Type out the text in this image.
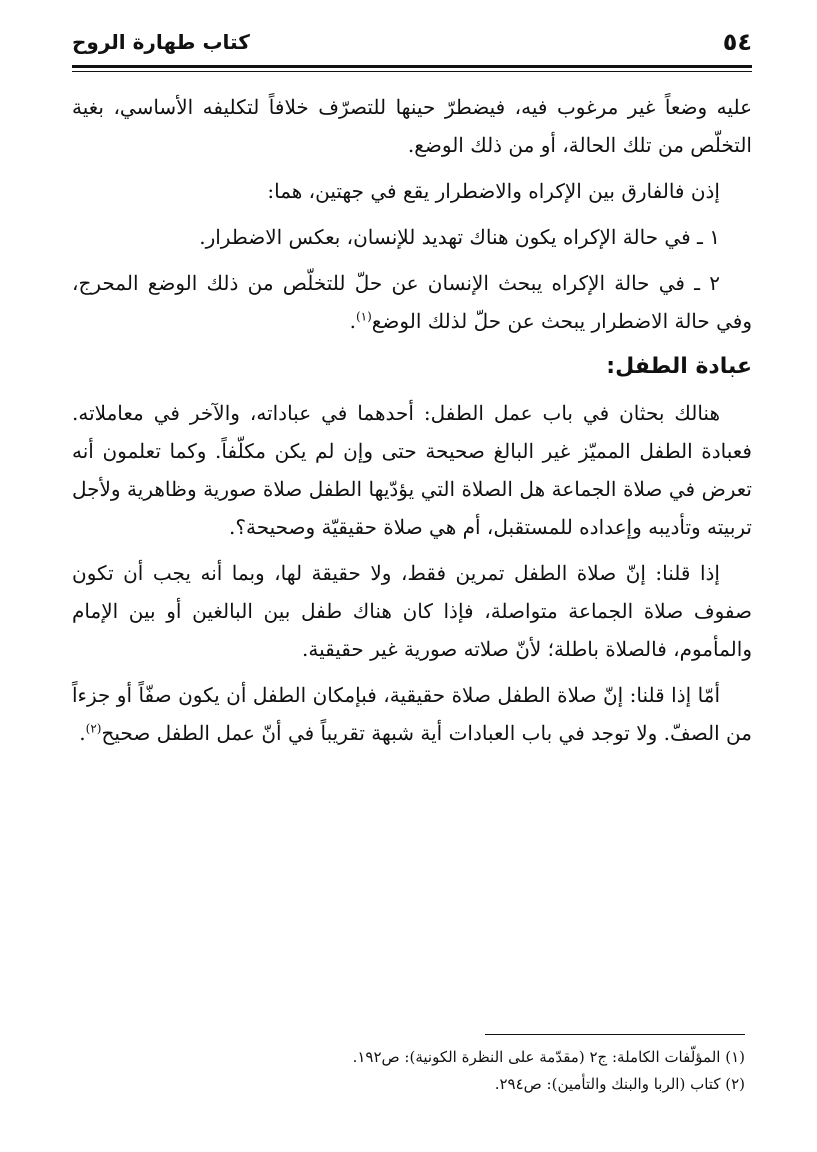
٥٤
كتاب طهارة الروح

عليه وضعاً غير مرغوب فيه، فيضطرّ حينها للتصرّف خلافاً لتكليفه الأساسي، بغية التخلّص من تلك الحالة، أو من ذلك الوضع.

إذن فالفارق بين الإكراه والاضطرار يقع في جهتين، هما:

١ ـ في حالة الإكراه يكون هناك تهديد للإنسان، بعكس الاضطرار.

٢ ـ في حالة الإكراه يبحث الإنسان عن حلّ للتخلّص من ذلك الوضع المحرج، وفي حالة الاضطرار يبحث عن حلّ لذلك الوضع$^{(١)}$.

عبادة الطفل:

هنالك بحثان في باب عمل الطفل: أحدهما في عباداته، والآخر في معاملاته. فعبادة الطفل المميّز غير البالغ صحيحة حتى وإن لم يكن مكلّفاً. وكما تعلمون أنه تعرض في صلاة الجماعة هل الصلاة التي يؤدّيها الطفل صلاة صورية وظاهرية ولأجل تربيته وتأديبه وإعداده للمستقبل، أم هي صلاة حقيقيّة وصحيحة؟.

إذا قلنا: إنّ صلاة الطفل تمرين فقط، ولا حقيقة لها، وبما أنه يجب أن تكون صفوف صلاة الجماعة متواصلة، فإذا كان هناك طفل بين البالغين أو بين الإمام والمأموم، فالصلاة باطلة؛ لأنّ صلاته صورية غير حقيقية.

أمّا إذا قلنا: إنّ صلاة الطفل صلاة حقيقية، فبإمكان الطفل أن يكون صفّاً أو جزءاً من الصفّ. ولا توجد في باب العبادات أية شبهة تقريباً في أنّ عمل الطفل صحيح$^{(٢)}$.

(١) المؤلّفات الكاملة: ج٢ (مقدّمة على النظرة الكونية): ص١٩٢.
(٢) كتاب (الربا والبنك والتأمين): ص٢٩٤.
